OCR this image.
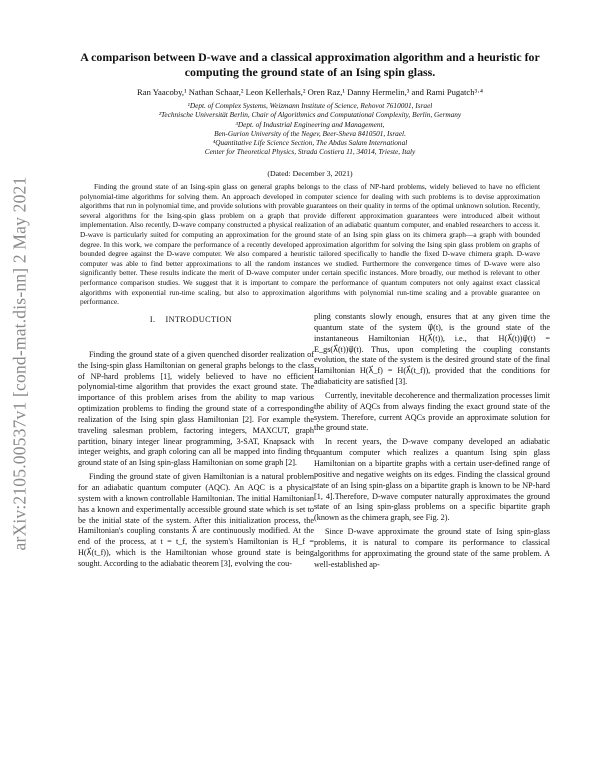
arXiv:2105.00537v1 [cond-mat.dis-nn] 2 May 2021
A comparison between D-wave and a classical approximation algorithm and a heuristic for computing the ground state of an Ising spin glass.
Ran Yaacoby,¹ Nathan Schaar,² Leon Kellerhals,² Oren Raz,¹ Danny Hermelin,³ and Rami Pugatch³·⁴
¹Dept. of Complex Systems, Weizmann Institute of Science, Rehovot 7610001, Israel
²Technische Universität Berlin, Chair of Algorithmics and Computational Complexity, Berlin, Germany
³Dept. of Industrial Engineering and Management,
Ben-Gurion University of the Negev, Beer-Sheva 8410501, Israel.
⁴Quantitative Life Science Section, The Abdus Salam International
Center for Theoretical Physics, Strada Costiera 11, 34014, Trieste, Italy
(Dated: December 3, 2021)

Finding the ground state of an Ising-spin glass on general graphs belongs to the class of NP-hard problems, widely believed to have no efficient polynomial-time algorithms for solving them. An approach developed in computer science for dealing with such problems is to devise approximation algorithms that run in polynomial time, and provide solutions with provable guarantees on their quality in terms of the optimal unknown solution. Recently, several algorithms for the Ising-spin glass problem on a graph that provide different approximation guarantees were introduced albeit without implementation. Also recently, D-wave company constructed a physical realization of an adiabatic quantum computer, and enabled researchers to access it. D-wave is particularly suited for computing an approximation for the ground state of an Ising spin glass on its chimera graph—a graph with bounded degree. In this work, we compare the performance of a recently developed approximation algorithm for solving the Ising spin glass problem on graphs of bounded degree against the D-wave computer. We also compared a heuristic tailored specifically to handle the fixed D-wave chimera graph. D-wave computer was able to find better approximations to all the random instances we studied. Furthermore the convergence times of D-wave were also significantly better. These results indicate the merit of D-wave computer under certain specific instances. More broadly, our method is relevant to other performance comparison studies. We suggest that it is important to compare the performance of quantum computers not only against exact classical algorithms with exponential run-time scaling, but also to approximation algorithms with polynomial run-time scaling and a provable guarantee on performance.

I. INTRODUCTION

Finding the ground state of a given quenched disorder realization of the Ising-spin glass Hamiltonian on general graphs belongs to the class of NP-hard problems [1], widely believed to have no efficient polynomial-time algorithm that provides the exact ground state. The importance of this problem arises from the ability to map various optimization problems to finding the ground state of a corresponding realization of the Ising spin glass Hamiltonian [2]. For example the traveling salesman problem, factoring integers, MAXCUT, graph partition, binary integer linear programming, 3-SAT, Knapsack with integer weights, and graph coloring can all be mapped into finding the ground state of an Ising spin-glass Hamiltonian on some graph [2].

Finding the ground state of given Hamiltonian is a natural problem for an adiabatic quantum computer (AQC). An AQC is a physical system with a known controllable Hamiltonian. The initial Hamiltonian has a known and experimentally accessible ground state which is set to be the initial state of the system. After this initialization process, the Hamiltonian's coupling constants λ⃗ are continuously modified. At the end of the process, at t = t_f, the system's Hamiltonian is H_f = H(λ⃗(t_f)), which is the Hamiltonian whose ground state is being sought. According to the adiabatic theorem [3], evolving the cou-

pling constants slowly enough, ensures that at any given time the quantum state of the system ψ⃗(t), is the ground state of the instantaneous Hamiltonian H(λ⃗(t)), i.e., that H(λ⃗(t))ψ⃗(t) = E_gs(λ⃗(t))ψ⃗(t). Thus, upon completing the coupling constants evolution, the state of the system is the desired ground state of the final Hamiltonian H(λ⃗_f) = H(λ⃗(t_f)), provided that the conditions for adiabaticity are satisfied [3].

Currently, inevitable decoherence and thermalization processes limit the ability of AQCs from always finding the exact ground state of the system. Therefore, current AQCs provide an approximate solution for the ground state.

In recent years, the D-wave company developed an adiabatic quantum computer which realizes a quantum Ising spin glass Hamiltonian on a bipartite graphs with a certain user-defined range of positive and negative weights on its edges. Finding the classical ground state of an Ising spin-glass on a bipartite graph is known to be NP-hard [1, 4].Therefore, D-wave computer naturally approximates the ground state of an Ising spin-glass problems on a specific bipartite graph (known as the chimera graph, see Fig. 2).

Since D-wave approximate the ground state of Ising spin-glass problems, it is natural to compare its performance to classical algorithms for approximating the ground state of the same problem. A well-established ap-
